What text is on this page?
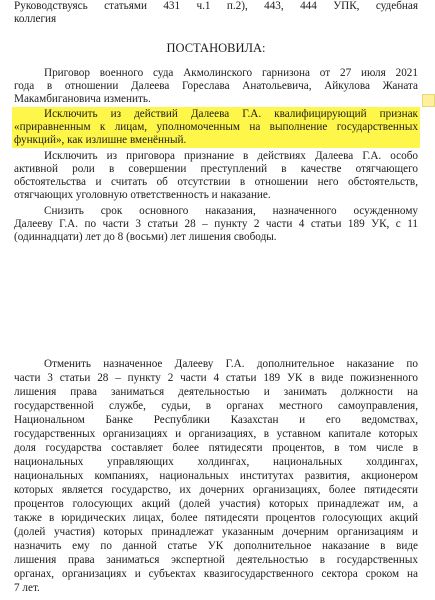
Руководствуясь статьями 431 ч.1 п.2), 443, 444 УПК, судебная
коллегия
ПОСТАНОВИЛА:
Приговор военного суда Акмолинского гарнизона от 27 июля 2021
года в отношении Далеева Гореслава Анатольевича, Айкулова Жаната
Макамбигановича изменить.
Исключить из действий Далеева Г.А. квалифицирующий признак
«приравненным к лицам, уполномоченным на выполнение государственных
функций», как излишне вменённый.
Исключить из приговора признание в действиях Далеева Г.А. особо
активной роли в совершении преступлений в качестве отягчающего
обстоятельства и считать об отсутствии в отношении него обстоятельств,
отягчающих уголовную ответственность и наказание.
Снизить срок основного наказания, назначенного осужденному
Далееву Г.А. по части 3 статьи 28 – пункту 2 части 4 статьи 189 УК, с 11
(одиннадцати) лет до 8 (восьми) лет лишения свободы.
Отменить назначенное Далееву Г.А. дополнительное наказание по
части 3 статьи 28 – пункту 2 части 4 статьи 189 УК в виде пожизненного
лишения права заниматься деятельностью и занимать должности на
государственной службе, судьи, в органах местного самоуправления,
Национальном Банке Республики Казахстан и его ведомствах,
государственных организациях и организациях, в уставном капитале которых
доля государства составляет более пятидесяти процентов, в том числе в
национальных управляющих холдингах, национальных холдингах,
национальных компаниях, национальных институтах развития, акционером
которых является государство, их дочерних организациях, более пятидесяти
процентов голосующих акций (долей участия) которых принадлежат им, а
также в юридических лицах, более пятидесяти процентов голосующих акций
(долей участия) которых принадлежат указанным дочерним организациям и
назначить ему по данной статье УК дополнительное наказание в виде
лишения права заниматься экспертной деятельностью в государственных
органах, организациях и субъектах квазигосударственного сектора сроком на
7 лет.
